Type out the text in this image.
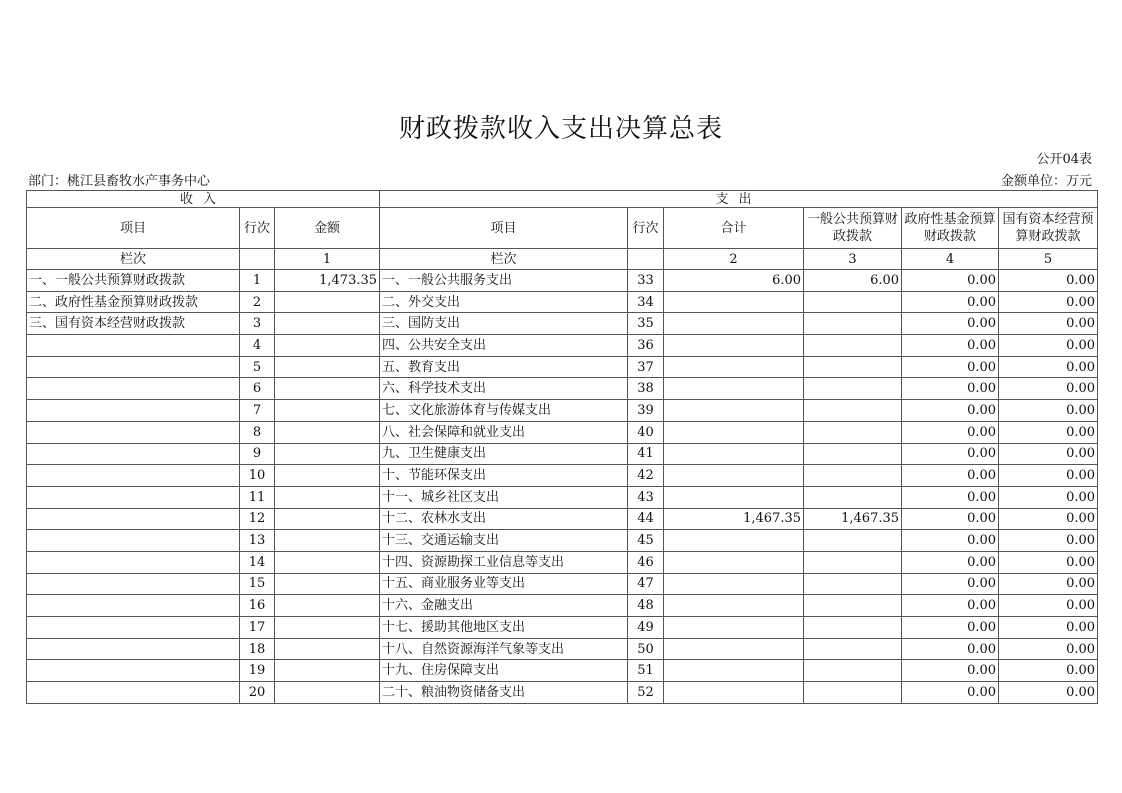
财政拨款收入支出决算总表
公开04表
部门：桃江县畜牧水产事务中心	金额单位：万元
收入			支出					
项目	行次	金额	项目	行次	合计	一般公共预算财政拨款	政府性基金预算财政拨款	国有资本经营预算财政拨款
栏次		1	栏次		2	3	4	5
一、一般公共预算财政拨款	1	1,473.35	一、一般公共服务支出	33	6.00	6.00	0.00	0.00
二、政府性基金预算财政拨款	2		二、外交支出	34			0.00	0.00
三、国有资本经营财政拨款	3		三、国防支出	35			0.00	0.00
	4		四、公共安全支出	36			0.00	0.00
	5		五、教育支出	37			0.00	0.00
	6		六、科学技术支出	38			0.00	0.00
	7		七、文化旅游体育与传媒支出	39			0.00	0.00
	8		八、社会保障和就业支出	40			0.00	0.00
	9		九、卫生健康支出	41			0.00	0.00
	10		十、节能环保支出	42			0.00	0.00
	11		十一、城乡社区支出	43			0.00	0.00
	12		十二、农林水支出	44	1,467.35	1,467.35	0.00	0.00
	13		十三、交通运输支出	45			0.00	0.00
	14		十四、资源勘探工业信息等支出	46			0.00	0.00
	15		十五、商业服务业等支出	47			0.00	0.00
	16		十六、金融支出	48			0.00	0.00
	17		十七、援助其他地区支出	49			0.00	0.00
	18		十八、自然资源海洋气象等支出	50			0.00	0.00
	19		十九、住房保障支出	51			0.00	0.00
	20		二十、粮油物资储备支出	52			0.00	0.00
